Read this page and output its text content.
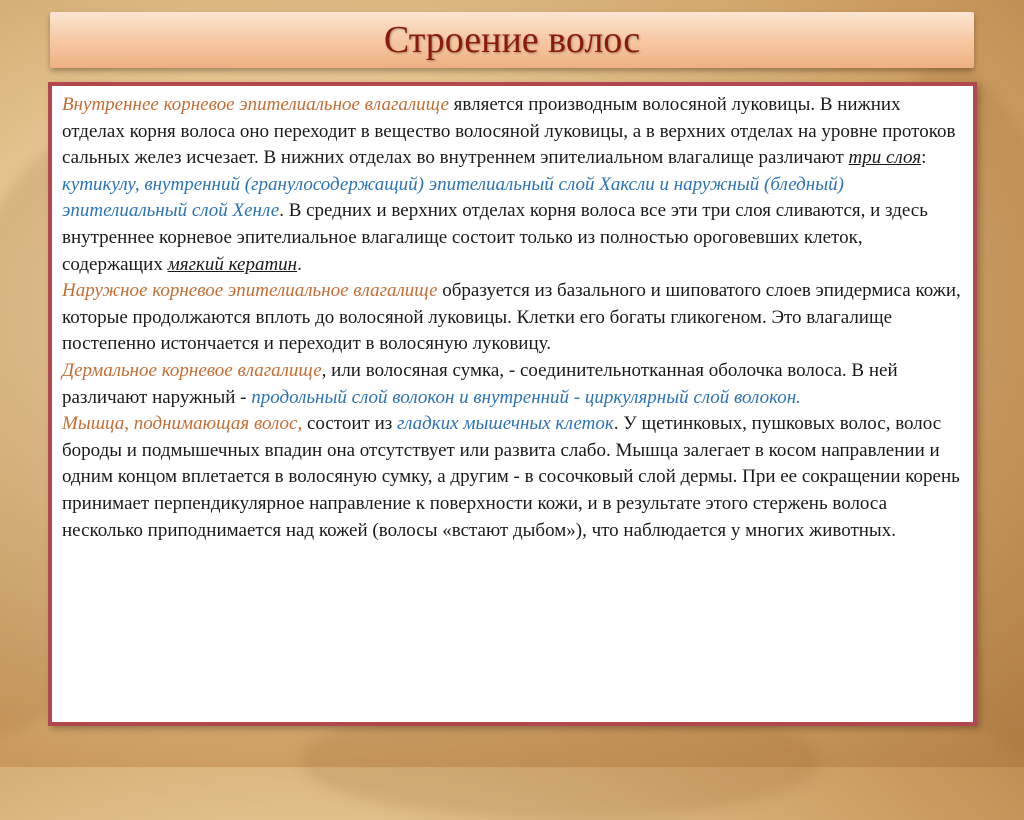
Строение волос

Внутреннее корневое эпителиальное влагалище является производным волосяной луковицы. В нижних отделах корня волоса оно переходит в вещество волосяной луковицы, а в верхних отделах на уровне протоков сальных желез исчезает. В нижних отделах во внутреннем эпителиальном влагалище различают три слоя: кутикулу, внутренний (гранулосодержащий) эпителиальный слой Хаксли и наружный (бледный) эпителиальный слой Хенле. В средних и верхних отделах корня волоса все эти три слоя сливаются, и здесь внутреннее корневое эпителиальное влагалище состоит только из полностью ороговевших клеток, содержащих мягкий кератин.

Наружное корневое эпителиальное влагалище образуется из базального и шиповатого слоев эпидермиса кожи, которые продолжаются вплоть до волосяной луковицы. Клетки его богаты гликогеном. Это влагалище постепенно истончается и переходит в волосяную луковицу.

Дермальное корневое влагалище, или волосяная сумка, - соединительнотканная оболочка волоса. В ней различают наружный - продольный слой волокон и внутренний - циркулярный слой волокон.

Мышца, поднимающая волос, состоит из гладких мышечных клеток. У щетинковых, пушковых волос, волос бороды и подмышечных впадин она отсутствует или развита слабо. Мышца залегает в косом направлении и одним концом вплетается в волосяную сумку, а другим - в сосочковый слой дермы. При ее сокращении корень принимает перпендикулярное направление к поверхности кожи, и в результате этого стержень волоса несколько приподнимается над кожей (волосы «встают дыбом»), что наблюдается у многих животных.
